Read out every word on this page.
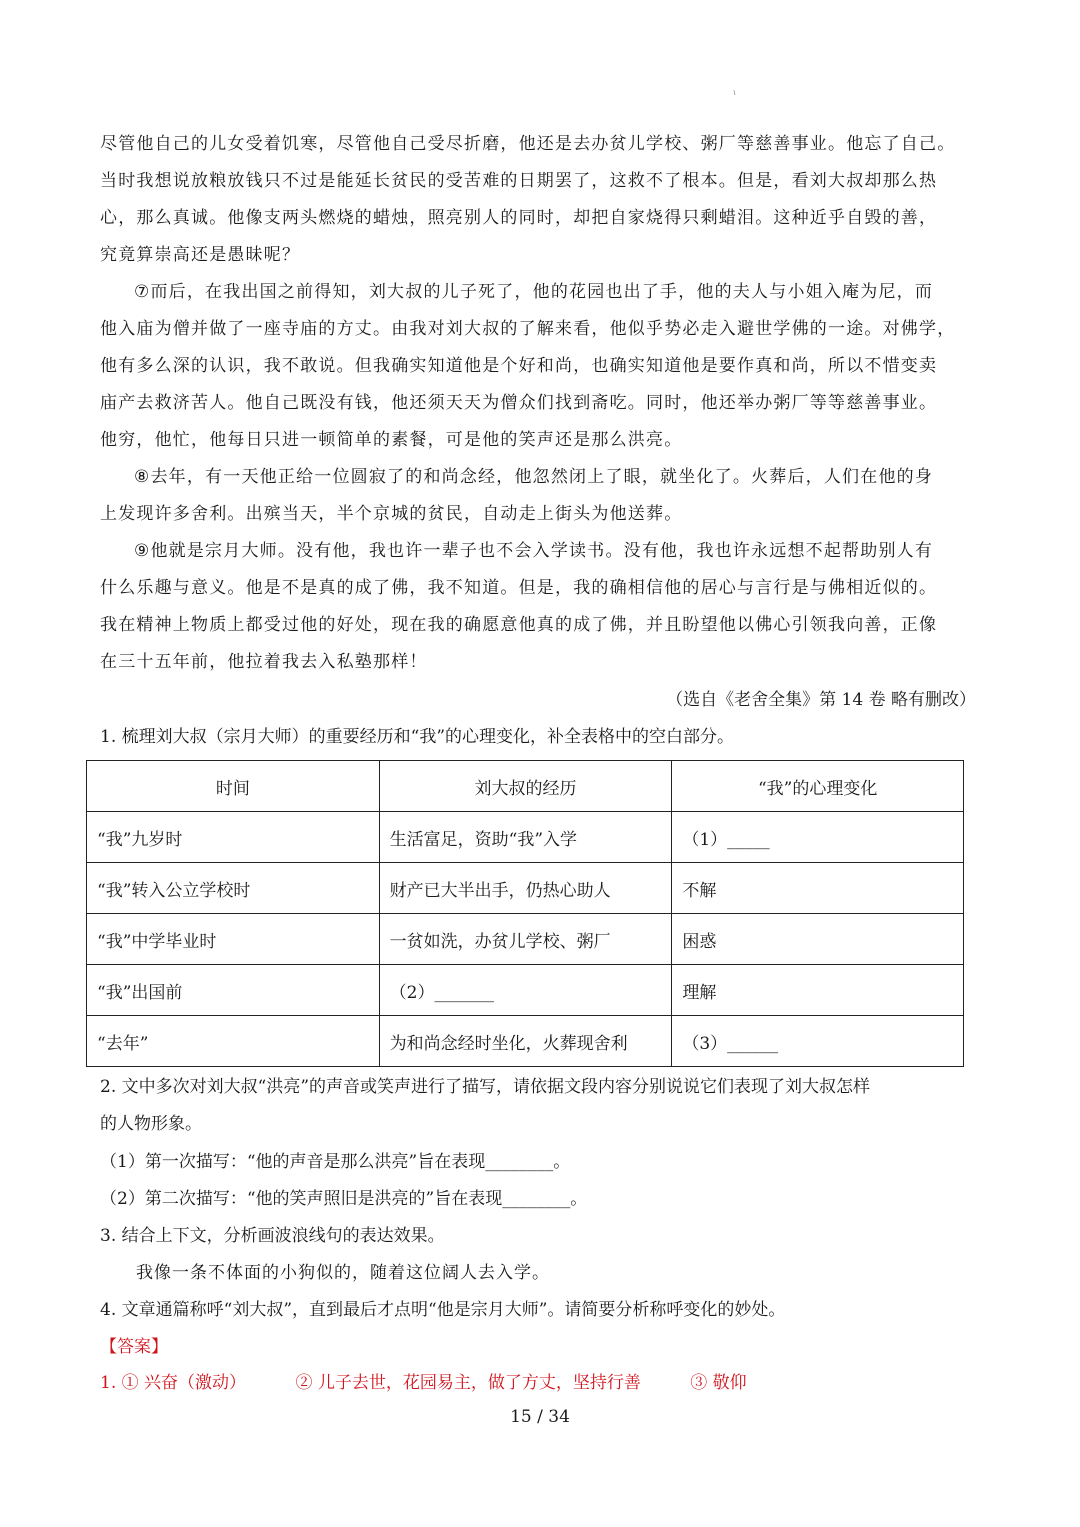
ι

尽管他自己的儿女受着饥寒，尽管他自己受尽折磨，他还是去办贫儿学校、粥厂等慈善事业。他忘了自己。

当时我想说放粮放钱只不过是能延长贫民的受苦难的日期罢了，这救不了根本。但是，看刘大叔却那么热

心，那么真诚。他像支两头燃烧的蜡烛，照亮别人的同时，却把自家烧得只剩蜡泪。这种近乎自毁的善，

究竟算崇高还是愚昧呢？

⑦而后，在我出国之前得知，刘大叔的儿子死了，他的花园也出了手，他的夫人与小姐入庵为尼，而

他入庙为僧并做了一座寺庙的方丈。由我对刘大叔的了解来看，他似乎势必走入避世学佛的一途。对佛学，

他有多么深的认识，我不敢说。但我确实知道他是个好和尚，也确实知道他是要作真和尚，所以不惜变卖

庙产去救济苦人。他自己既没有钱，他还须天天为僧众们找到斋吃。同时，他还举办粥厂等等慈善事业。

他穷，他忙，他每日只进一顿简单的素餐，可是他的笑声还是那么洪亮。

⑧去年，有一天他正给一位圆寂了的和尚念经，他忽然闭上了眼，就坐化了。火葬后，人们在他的身

上发现许多舍利。出殡当天，半个京城的贫民，自动走上街头为他送葬。

⑨他就是宗月大师。没有他，我也许一辈子也不会入学读书。没有他，我也许永远想不起帮助别人有

什么乐趣与意义。他是不是真的成了佛，我不知道。但是，我的确相信他的居心与言行是与佛相近似的。

我在精神上物质上都受过他的好处，现在我的确愿意他真的成了佛，并且盼望他以佛心引领我向善，正像

在三十五年前，他拉着我去入私塾那样！

（选自《老舍全集》第 14 卷 略有删改）
1. 梳理刘大叔（宗月大师）的重要经历和“我”的心理变化，补全表格中的空白部分。
时间	刘大叔的经历	“我”的心理变化
“我”九岁时	生活富足，资助“我”入学	（1）_____
“我”转入公立学校时	财产已大半出手，仍热心助人	不解
“我”中学毕业时	一贫如洗，办贫儿学校、粥厂	困惑
“我”出国前	（2）_______	理解
“去年”	为和尚念经时坐化，火葬现舍利	（3）______
2. 文中多次对刘大叔“洪亮”的声音或笑声进行了描写，请依据文段内容分别说说它们表现了刘大叔怎样
的人物形象。
（1）第一次描写：“他的声音是那么洪亮”旨在表现________。
（2）第二次描写：“他的笑声照旧是洪亮的”旨在表现________。
3. 结合上下文，分析画波浪线句的表达效果。
我像一条不体面的小狗似的，随着这位阔人去入学。
4. 文章通篇称呼“刘大叔”，直到最后才点明“他是宗月大师”。请简要分析称呼变化的妙处。
【答案】
1. ① 兴奋（激动）	② 儿子去世，花园易主，做了方丈，坚持行善	③ 敬仰
15 / 34
